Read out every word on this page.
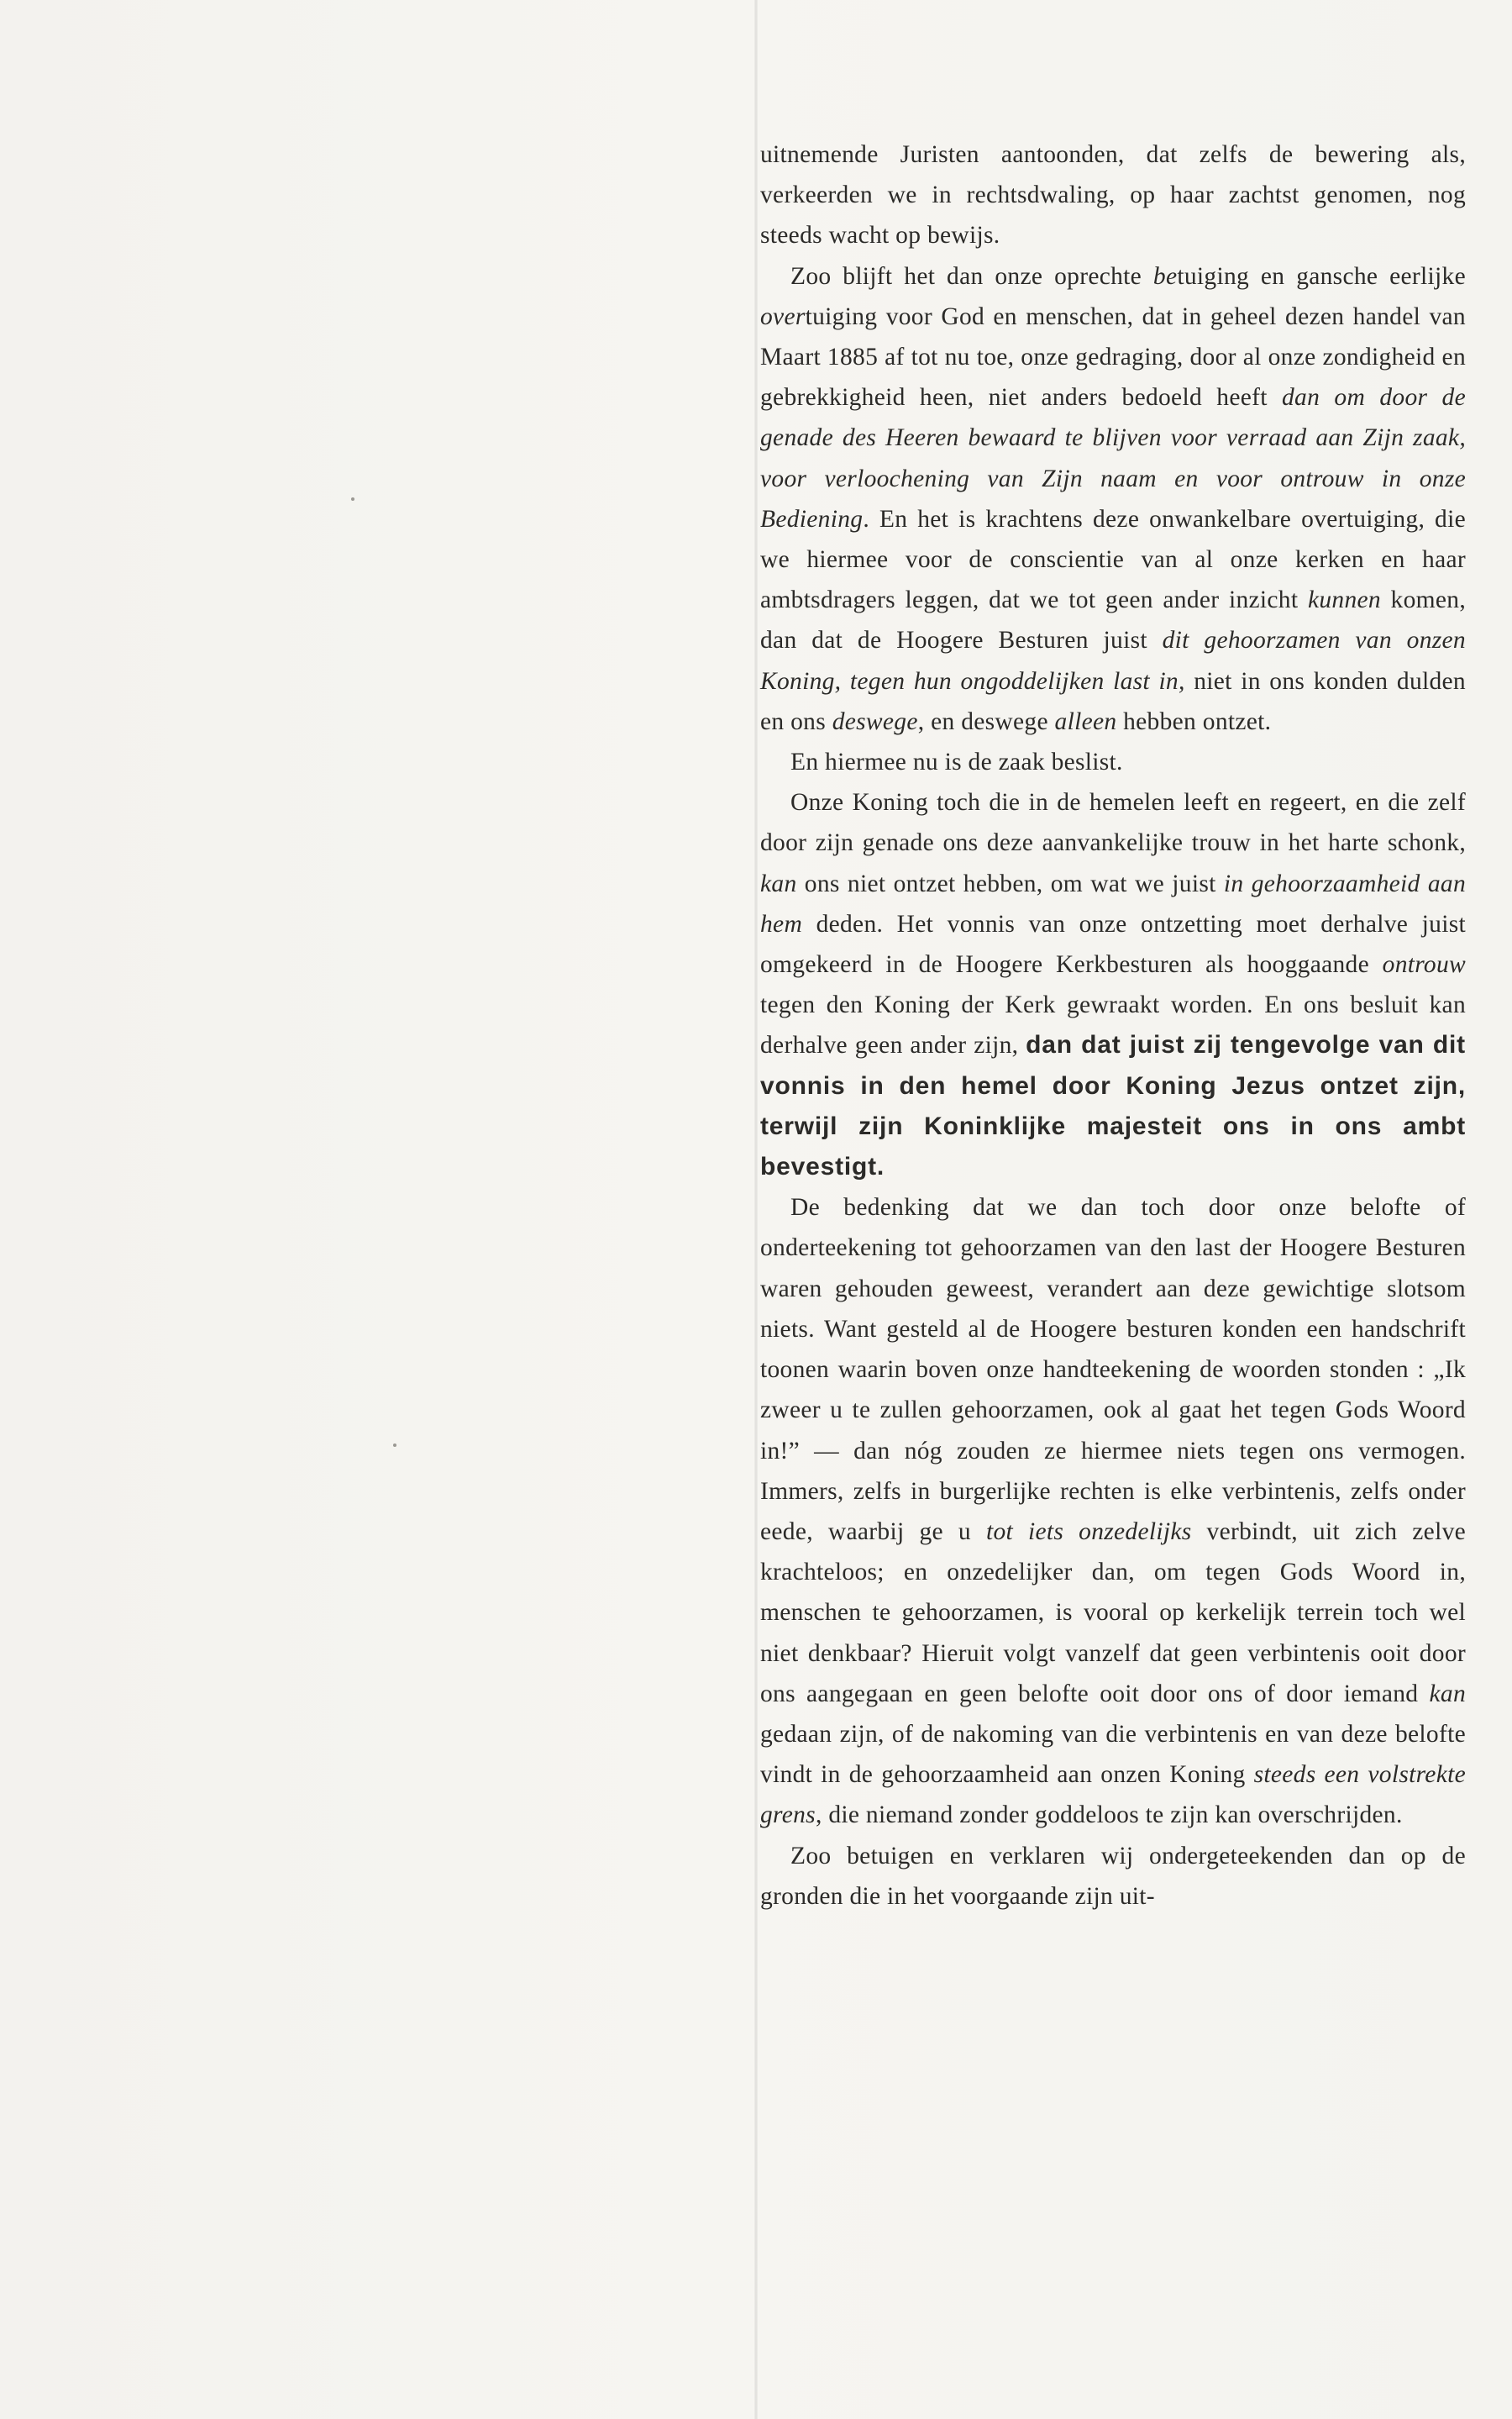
uitnemende Juristen aantoonden, dat zelfs de bewering als, verkeerden we in rechtsdwaling, op haar zachtst genomen, nog steeds wacht op bewijs.

Zoo blijft het dan onze oprechte betuiging en gansche eerlijke overtuiging voor God en menschen, dat in geheel dezen handel van Maart 1885 af tot nu toe, onze gedraging, door al onze zondigheid en gebrekkigheid heen, niet anders bedoeld heeft dan om door de genade des Heeren bewaard te blijven voor verraad aan Zijn zaak, voor verloochening van Zijn naam en voor ontrouw in onze Bediening. En het is krachtens deze onwankelbare overtuiging, die we hiermee voor de conscientie van al onze kerken en haar ambtsdragers leggen, dat we tot geen ander inzicht kunnen komen, dan dat de Hoogere Besturen juist dit gehoorzamen van onzen Koning, tegen hun ongoddelijken last in, niet in ons konden dulden en ons deswege, en deswege alleen hebben ontzet.

En hiermee nu is de zaak beslist.

Onze Koning toch die in de hemelen leeft en regeert, en die zelf door zijn genade ons deze aanvankelijke trouw in het harte schonk, kan ons niet ontzet hebben, om wat we juist in gehoorzaamheid aan hem deden. Het vonnis van onze ontzetting moet derhalve juist omgekeerd in de Hoogere Kerkbesturen als hooggaande ontrouw tegen den Koning der Kerk gewraakt worden. En ons besluit kan derhalve geen ander zijn, dan dat juist zij tengevolge van dit vonnis in den hemel door Koning Jezus ontzet zijn, terwijl zijn Koninklijke majesteit ons in ons ambt bevestigt.

De bedenking dat we dan toch door onze belofte of onderteekening tot gehoorzamen van den last der Hoogere Besturen waren gehouden geweest, verandert aan deze gewichtige slotsom niets. Want gesteld al de Hoogere besturen konden een handschrift toonen waarin boven onze handteekening de woorden stonden : „Ik zweer u te zullen gehoorzamen, ook al gaat het tegen Gods Woord in!” — dan nóg zouden ze hiermee niets tegen ons vermogen. Immers, zelfs in burgerlijke rechten is elke verbintenis, zelfs onder eede, waarbij ge u tot iets onzedelijks verbindt, uit zich zelve krachteloos; en onzedelijker dan, om tegen Gods Woord in, menschen te gehoorzamen, is vooral op kerkelijk terrein toch wel niet denkbaar? Hieruit volgt vanzelf dat geen verbintenis ooit door ons aangegaan en geen belofte ooit door ons of door iemand kan gedaan zijn, of de nakoming van die verbintenis en van deze belofte vindt in de gehoorzaamheid aan onzen Koning steeds een volstrekte grens, die niemand zonder goddeloos te zijn kan overschrijden.

Zoo betuigen en verklaren wij ondergeteekenden dan op de gronden die in het voorgaande zijn uit-
